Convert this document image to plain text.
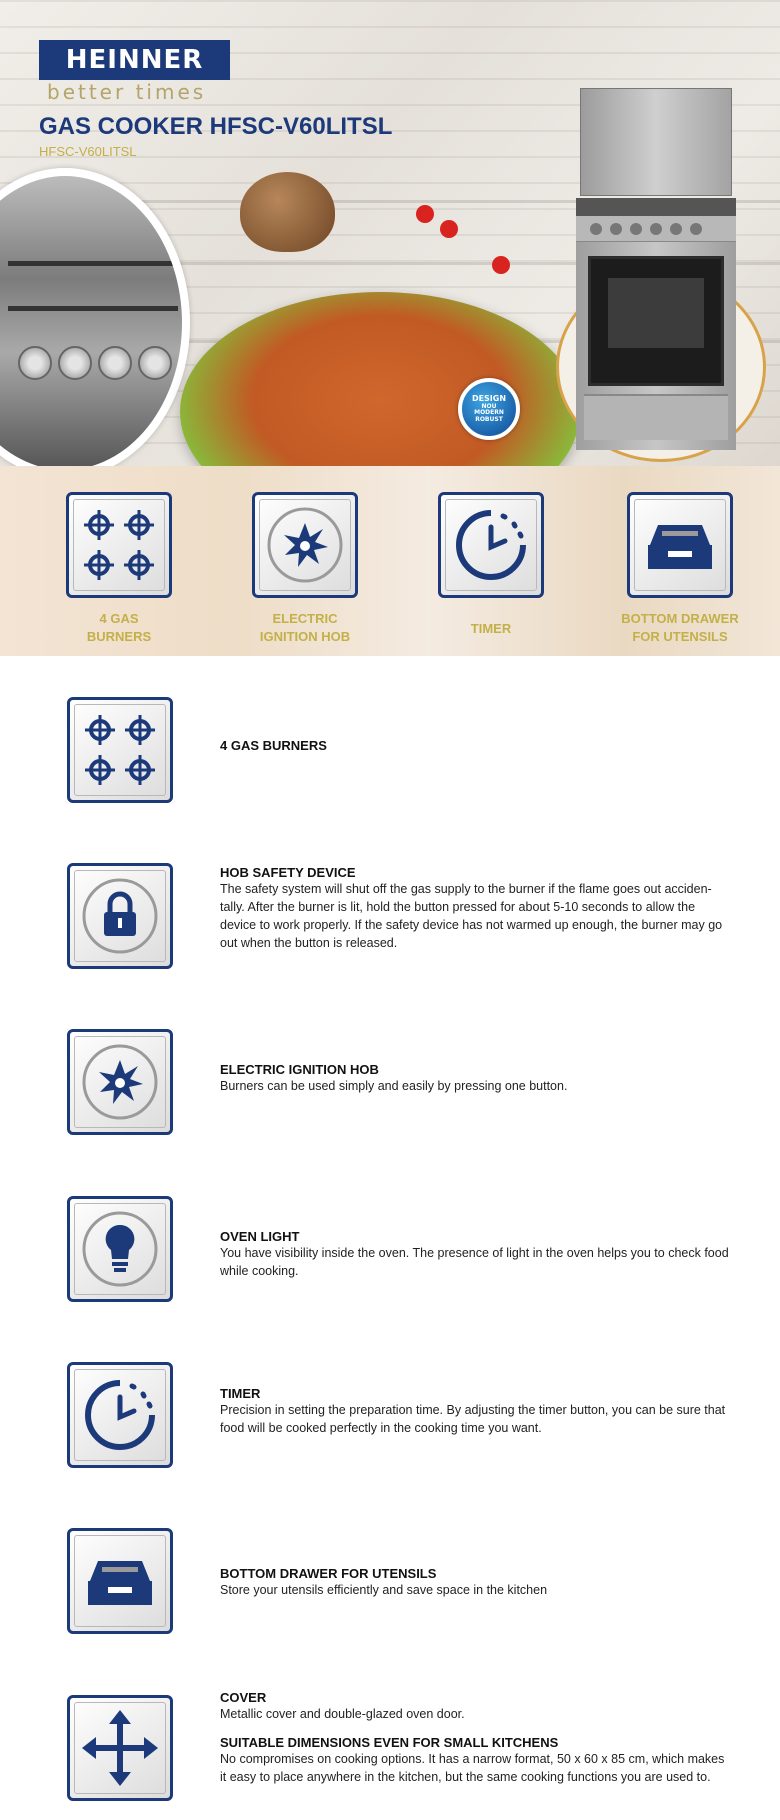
HEINNER
better times
GAS COOKER HFSC-V60LITSL
HFSC-V60LITSL
DESIGN
NOU
MODERN
ROBUST
4 GAS
BURNERS
ELECTRIC
IGNITION HOB
TIMER
BOTTOM DRAWER
FOR UTENSILS
4 GAS BURNERS
HOB SAFETY DEVICE

The safety system will shut off the gas supply to the burner if the flame goes out acciden-tally. After the burner is lit, hold the button pressed for about 5-10 seconds to allow the device to work properly. If the safety device has not warmed up enough, the burner may go out when the button is released.

ELECTRIC IGNITION HOB

Burners can be used simply and easily by pressing one button.

OVEN LIGHT

You have visibility inside the oven. The presence of light in the oven helps you to check food while cooking.

TIMER

Precision in setting the preparation time. By adjusting the timer button, you can be sure that food will be cooked perfectly in the cooking time you want.

BOTTOM DRAWER FOR UTENSILS

Store your utensils efficiently and save space in the kitchen

COVER

Metallic cover and double-glazed oven door.

SUITABLE DIMENSIONS EVEN FOR SMALL KITCHENS

No compromises on cooking options. It has a narrow format, 50 x 60 x 85 cm, which makes it easy to place anywhere in the kitchen, but the same cooking functions you are used to.
